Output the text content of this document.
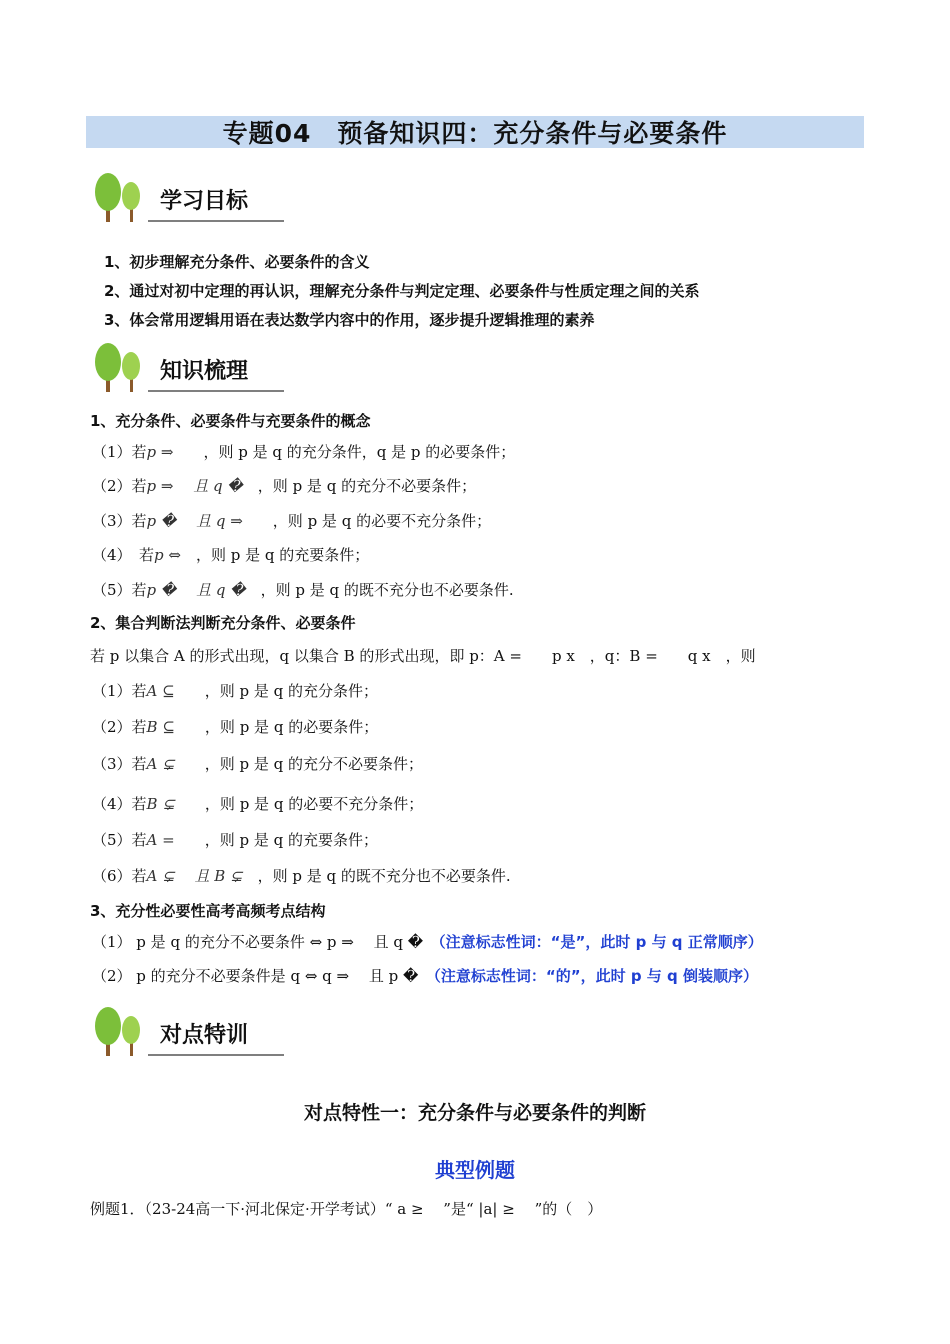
专题04　预备知识四：充分条件与必要条件
学习目标
1、初步理解充分条件、必要条件的含义
2、通过对初中定理的再认识，理解充分条件与判定定理、必要条件与性质定理之间的关系
3、体会常用逻辑用语在表达数学内容中的作用，逐步提升逻辑推理的素养
知识梳理
1、充分条件、必要条件与充要条件的概念
（1）若p ⇒　　 ，则 p 是 q 的充分条件，q 是 p 的必要条件；
（2）若p ⇒　 且 q �　 ，则 p 是 q 的充分不必要条件；
（3）若p �　 且 q ⇒　　 ，则 p 是 q 的必要不充分条件；
（4）　若p ⇔　 ，则 p 是 q 的充要条件；
（5）若p �　 且 q �　 ，则 p 是 q 的既不充分也不必要条件.
2、集合判断法判断充分条件、必要条件
若 p 以集合 A 的形式出现，q 以集合 B 的形式出现，即 p：A =　　p x　，q：B =　　q x　，则
（1）若A ⊆　　 ，则 p 是 q 的充分条件；
（2）若B ⊆　　 ，则 p 是 q 的必要条件；
（3）若A ⊊　　 ，则 p 是 q 的充分不必要条件；
（4）若B ⊊　　 ，则 p 是 q 的必要不充分条件；
（5）若A =　　 ，则 p 是 q 的充要条件；
（6）若A ⊊　 且 B ⊊　 ，则 p 是 q 的既不充分也不必要条件.
3、充分性必要性高考高频考点结构
（1） p 是 q 的充分不必要条件 ⇔ p ⇒　 且 q �　 （注意标志性词：“是”，此时 p 与 q 正常顺序）
（2） p 的充分不必要条件是 q ⇔ q ⇒　 且 p �　 （注意标志性词：“的”，此时 p 与 q 倒装顺序）
对点特训
对点特性一：充分条件与必要条件的判断
典型例题
例题1．（23-24高一下·河北保定·开学考试）“ a ≥　 ”是“ |a| ≥　 ”的（　）
